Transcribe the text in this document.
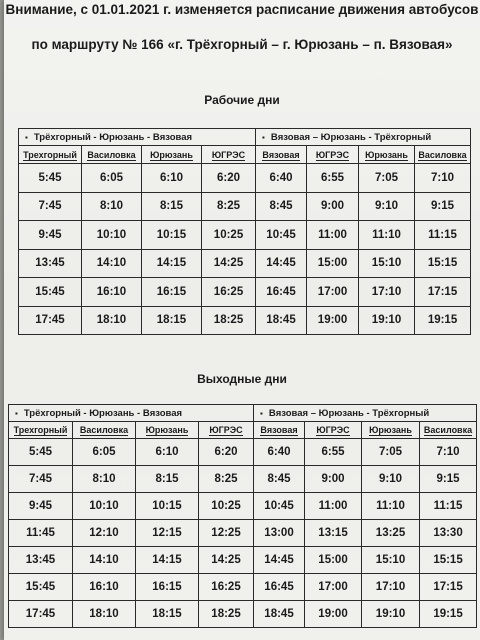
Внимание, с 01.01.2021 г. изменяется расписание движения автобусов
по маршруту № 166 «г. Трёхгорный – г. Юрюзань – п. Вязовая»
Рабочие дни
▪ Трёхгорный - Юрюзань - Вязовая				▪ Вязовая – Юрюзань - Трёхгорный			
Трехгорный	Василовка	Юрюзань	ЮГРЭС	Вязовая	ЮГРЭС	Юрюзань	Василовка
5:45	6:05	6:10	6:20	6:40	6:55	7:05	7:10
7:45	8:10	8:15	8:25	8:45	9:00	9:10	9:15
9:45	10:10	10:15	10:25	10:45	11:00	11:10	11:15
13:45	14:10	14:15	14:25	14:45	15:00	15:10	15:15
15:45	16:10	16:15	16:25	16:45	17:00	17:10	17:15
17:45	18:10	18:15	18:25	18:45	19:00	19:10	19:15
Выходные дни
▪ Трёхгорный - Юрюзань - Вязовая				▪ Вязовая – Юрюзань - Трёхгорный			
Трехгорный	Василовка	Юрюзань	ЮГРЭС	Вязовая	ЮГРЭС	Юрюзань	Василовка
5:45	6:05	6:10	6:20	6:40	6:55	7:05	7:10
7:45	8:10	8:15	8:25	8:45	9:00	9:10	9:15
9:45	10:10	10:15	10:25	10:45	11:00	11:10	11:15
11:45	12:10	12:15	12:25	13:00	13:15	13:25	13:30
13:45	14:10	14:15	14:25	14:45	15:00	15:10	15:15
15:45	16:10	16:15	16:25	16:45	17:00	17:10	17:15
17:45	18:10	18:15	18:25	18:45	19:00	19:10	19:15
